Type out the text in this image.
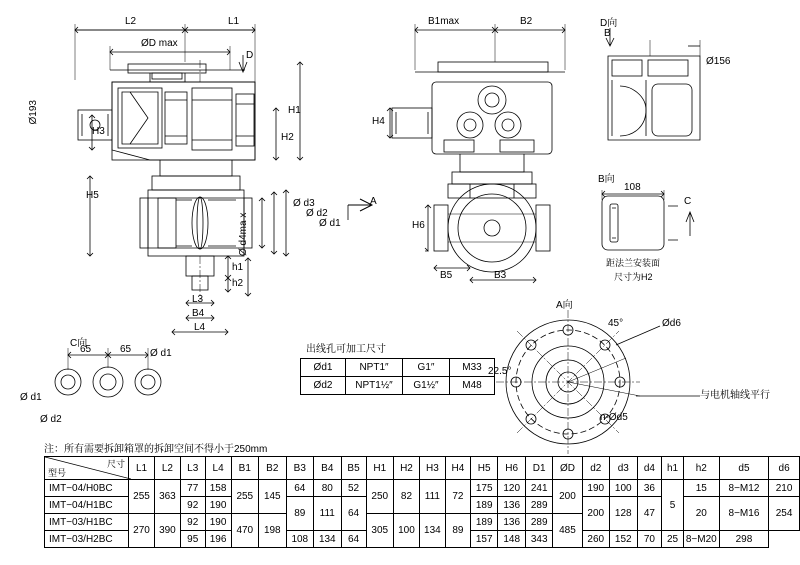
L2	L1
ØD max
Ø193
D
H3
H5
H1
H2
Ø d3
Ø d2
Ø d1
Ø d4ma x
h1
h2
L3
B4
L4
A
B1max	B2
H4
H6
B5	B3
D向
B
Ø156
B向
108
C
距法兰安装面
尺寸为H2
C向
65	65 Ø d1
Ø d1
Ø d2
A向
45°
22.5°
Ød6
n-Ød5
与电机轴线平行
出线孔可加工尺寸
Ød1	NPT1″	G1″	M33
Ød2	NPT1½″	G1½″	M48
注：所有需要拆卸箱罩的拆卸空间不得小于250mm
尺寸
型号	L1	L2	L3	L4	B1	B2	B3	B4	B5	H1	H2	H3	H4	H5	H6	D1	ØD	d2	d3	d4	h1	h2	d5	d6
IMT−04/H0BC	255	363	77	158	255	145	64	80	52	250	82	111	72	175	120	241	200	190	100	36	5	15	8−M12	210
IMT−04/H1BC			92	190			89	111	64					189	136	289		200	128	47		20	8−M16	254
IMT−03/H1BC	270	390	92	190	470	198				305	100	134	89	189	136	289	485							
IMT−03/H2BC			95	196			108	134	64					157	148	343		260	152	70	25	8−M20	298	
